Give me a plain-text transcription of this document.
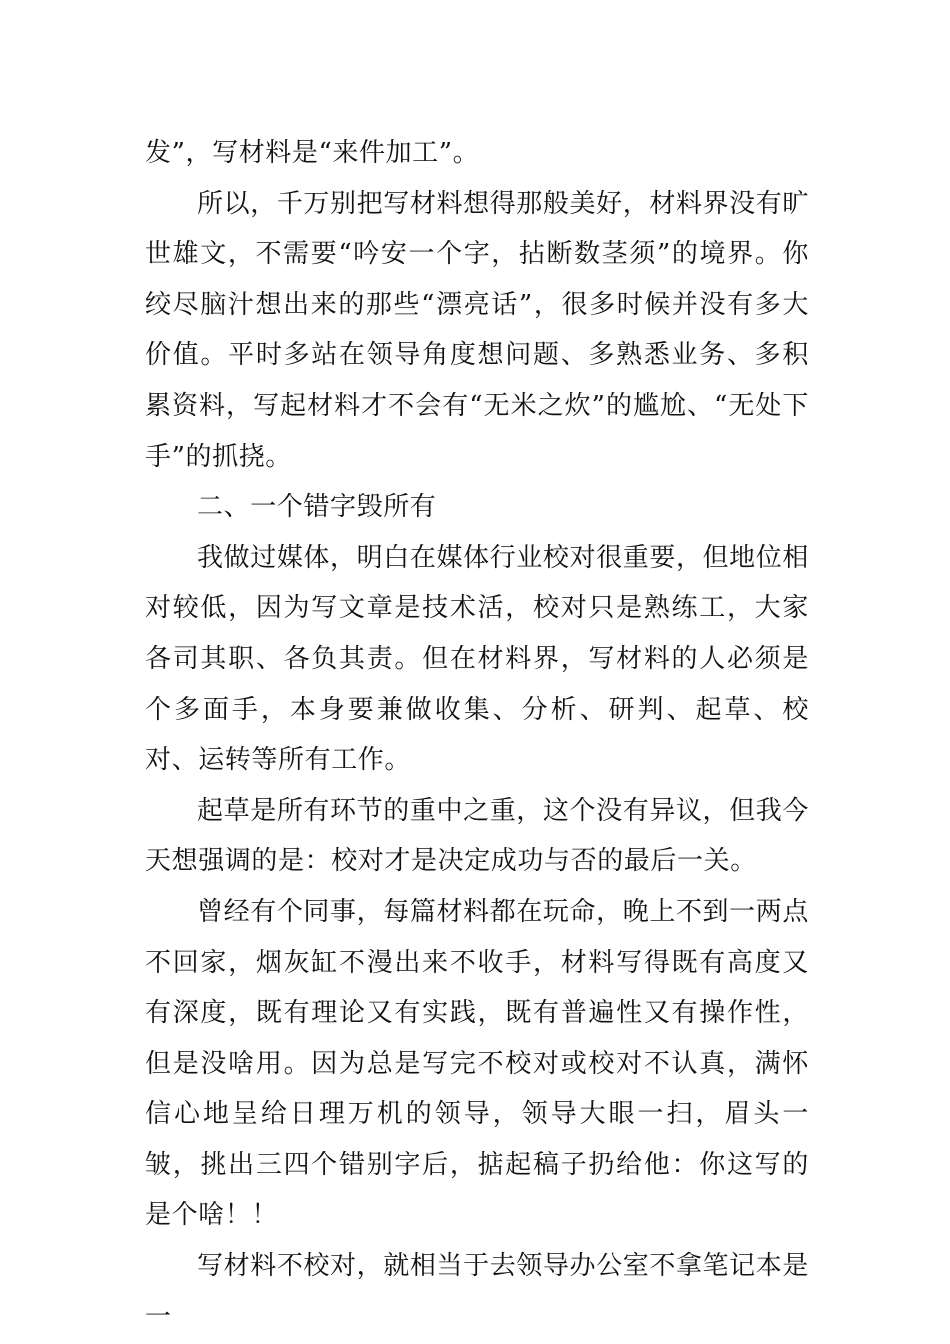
发”，写材料是“来件加工”。

所以，千万别把写材料想得那般美好，材料界没有旷世雄文，不需要“吟安一个字，拈断数茎须”的境界。你绞尽脑汁想出来的那些“漂亮话”，很多时候并没有多大价值。平时多站在领导角度想问题、多熟悉业务、多积累资料，写起材料才不会有“无米之炊”的尴尬、“无处下手”的抓挠。

二、一个错字毁所有

我做过媒体，明白在媒体行业校对很重要，但地位相对较低，因为写文章是技术活，校对只是熟练工，大家各司其职、各负其责。但在材料界，写材料的人必须是个多面手，本身要兼做收集、分析、研判、起草、校对、运转等所有工作。

起草是所有环节的重中之重，这个没有异议，但我今天想强调的是：校对才是决定成功与否的最后一关。

曾经有个同事，每篇材料都在玩命，晚上不到一两点不回家，烟灰缸不漫出来不收手，材料写得既有高度又有深度，既有理论又有实践，既有普遍性又有操作性，但是没啥用。因为总是写完不校对或校对不认真，满怀信心地呈给日理万机的领导，领导大眼一扫，眉头一皱，挑出三四个错别字后，掂起稿子扔给他：你这写的是个啥！！

写材料不校对，就相当于去领导办公室不拿笔记本是一
